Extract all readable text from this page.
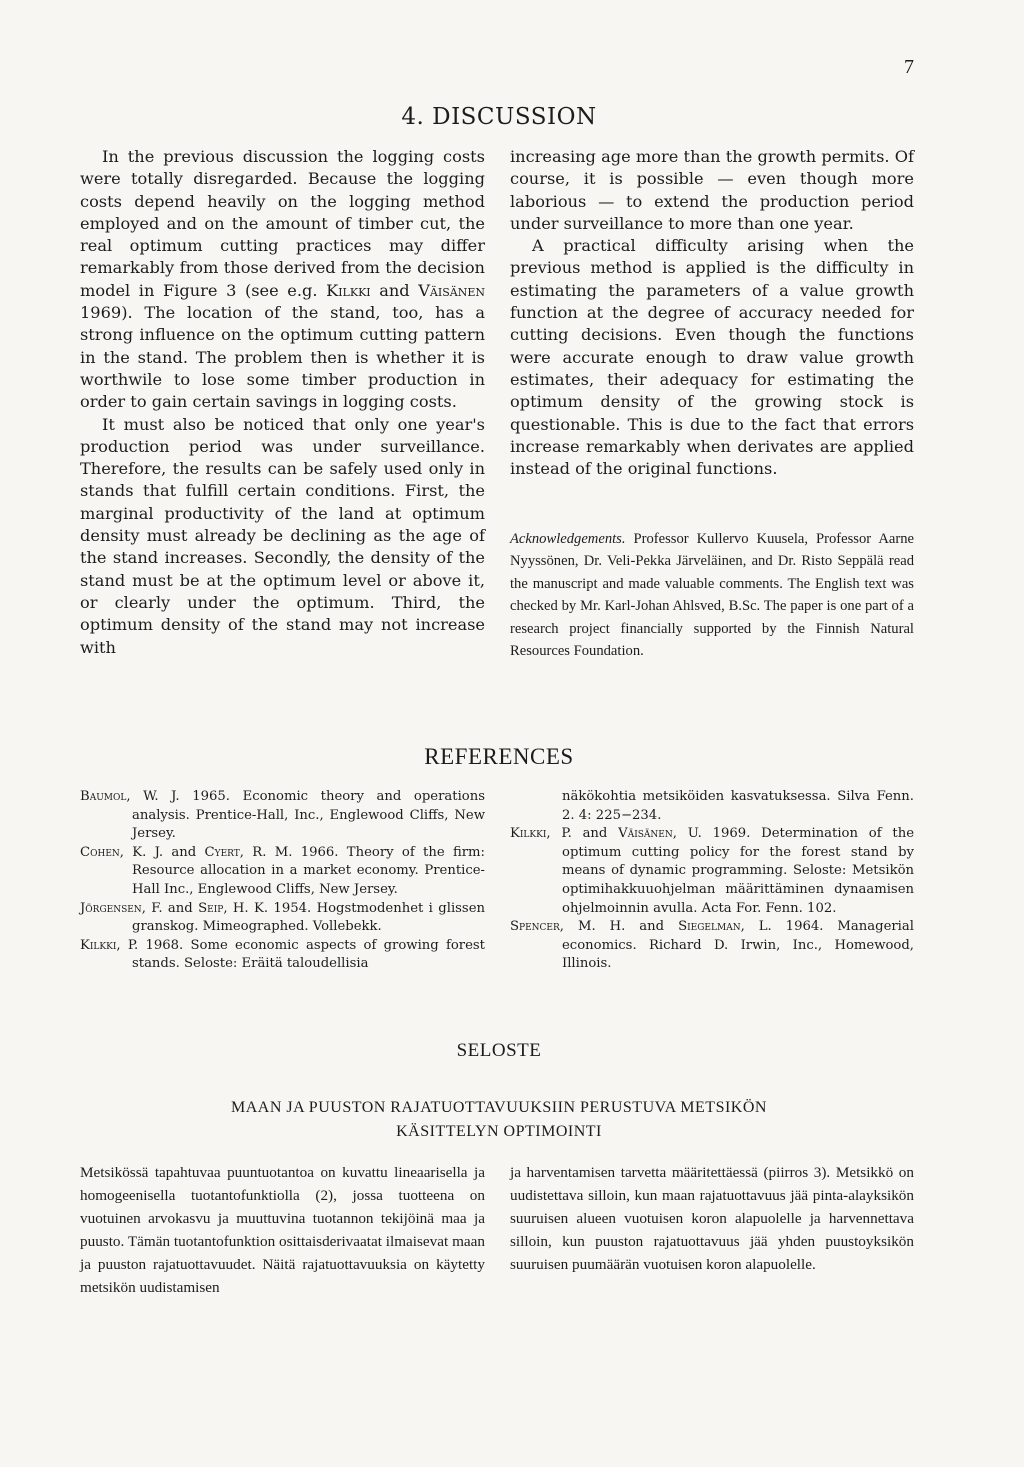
7
4. DISCUSSION

In the previous discussion the logging costs were totally disregarded. Because the logging costs depend heavily on the logging method employed and on the amount of timber cut, the real optimum cutting practices may differ remarkably from those derived from the decision model in Figure 3 (see e.g. Kilkki and Väisänen 1969). The location of the stand, too, has a strong influence on the optimum cutting pattern in the stand. The problem then is whether it is worthwile to lose some timber production in order to gain certain savings in logging costs.

It must also be noticed that only one year's production period was under surveillance. Therefore, the results can be safely used only in stands that fulfill certain conditions. First, the marginal productivity of the land at optimum density must already be declining as the age of the stand increases. Secondly, the density of the stand must be at the optimum level or above it, or clearly under the optimum. Third, the optimum density of the stand may not increase with

increasing age more than the growth permits. Of course, it is possible — even though more laborious — to extend the production period under surveillance to more than one year.

A practical difficulty arising when the previous method is applied is the difficulty in estimating the parameters of a value growth function at the degree of accuracy needed for cutting decisions. Even though the functions were accurate enough to draw value growth estimates, their adequacy for estimating the optimum density of the growing stock is questionable. This is due to the fact that errors increase remarkably when derivates are applied instead of the original functions.

Acknowledgements. Professor Kullervo Kuusela, Professor Aarne Nyyssönen, Dr. Veli-Pekka Järveläinen, and Dr. Risto Seppälä read the manuscript and made valuable comments. The English text was checked by Mr. Karl-Johan Ahlsved, B.Sc. The paper is one part of a research project financially supported by the Finnish Natural Resources Foundation.
REFERENCES
Baumol, W. J. 1965. Economic theory and operations analysis. Prentice-Hall, Inc., Englewood Cliffs, New Jersey.
Cohen, K. J. and Cyert, R. M. 1966. Theory of the firm: Resource allocation in a market economy. Prentice-Hall Inc., Englewood Cliffs, New Jersey.
Jörgensen, F. and Seip, H. K. 1954. Hogstmodenhet i glissen granskog. Mimeographed. Vollebekk.
Kilkki, P. 1968. Some economic aspects of growing forest stands. Seloste: Eräitä taloudellisia
näkökohtia metsiköiden kasvatuksessa. Silva Fenn. 2. 4: 225−234.
Kilkki, P. and Väisänen, U. 1969. Determination of the optimum cutting policy for the forest stand by means of dynamic programming. Seloste: Metsikön optimihakkuuohjelman määrittäminen dynaamisen ohjelmoinnin avulla. Acta For. Fenn. 102.
Spencer, M. H. and Siegelman, L. 1964. Managerial economics. Richard D. Irwin, Inc., Homewood, Illinois.
SELOSTE
MAAN JA PUUSTON RAJATUOTTAVUUKSIIN PERUSTUVA METSIKÖN
KÄSITTELYN OPTIMOINTI

Metsikössä tapahtuvaa puuntuotantoa on kuvattu lineaarisella ja homogeenisella tuotantofunktiolla (2), jossa tuotteena on vuotuinen arvokasvu ja muuttuvina tuotannon tekijöinä maa ja puusto. Tämän tuotantofunktion osittaisderivaatat ilmaisevat maan ja puuston rajatuottavuudet. Näitä rajatuottavuuksia on käytetty metsikön uudistamisen

ja harventamisen tarvetta määritettäessä (piirros 3). Metsikkö on uudistettava silloin, kun maan rajatuottavuus jää pinta-alayksikön suuruisen alueen vuotuisen koron alapuolelle ja harvennettava silloin, kun puuston rajatuottavuus jää yhden puustoyksikön suuruisen puumäärän vuotuisen koron alapuolelle.
